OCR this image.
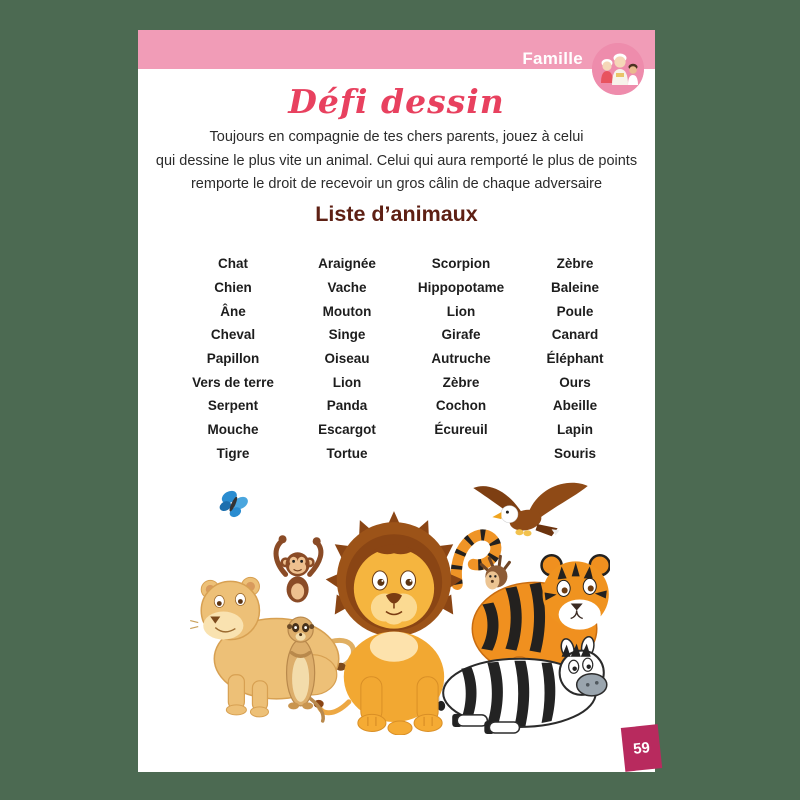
Famille
Défi dessin
Toujours en compagnie de tes chers parents, jouez à celui
qui dessine le plus vite un animal. Celui qui aura remporté le plus de points
remporte le droit de recevoir un gros câlin de chaque adversaire
Liste d’animaux
Chat
Chien
Âne
Cheval
Papillon
Vers de terre
Serpent
Mouche
Tigre
Araignée
Vache
Mouton
Singe
Oiseau
Lion
Panda
Escargot
Tortue
Scorpion
Hippopotame
Lion
Girafe
Autruche
Zèbre
Cochon
Écureuil
Zèbre
Baleine
Poule
Canard
Éléphant
Ours
Abeille
Lapin
Souris
59
